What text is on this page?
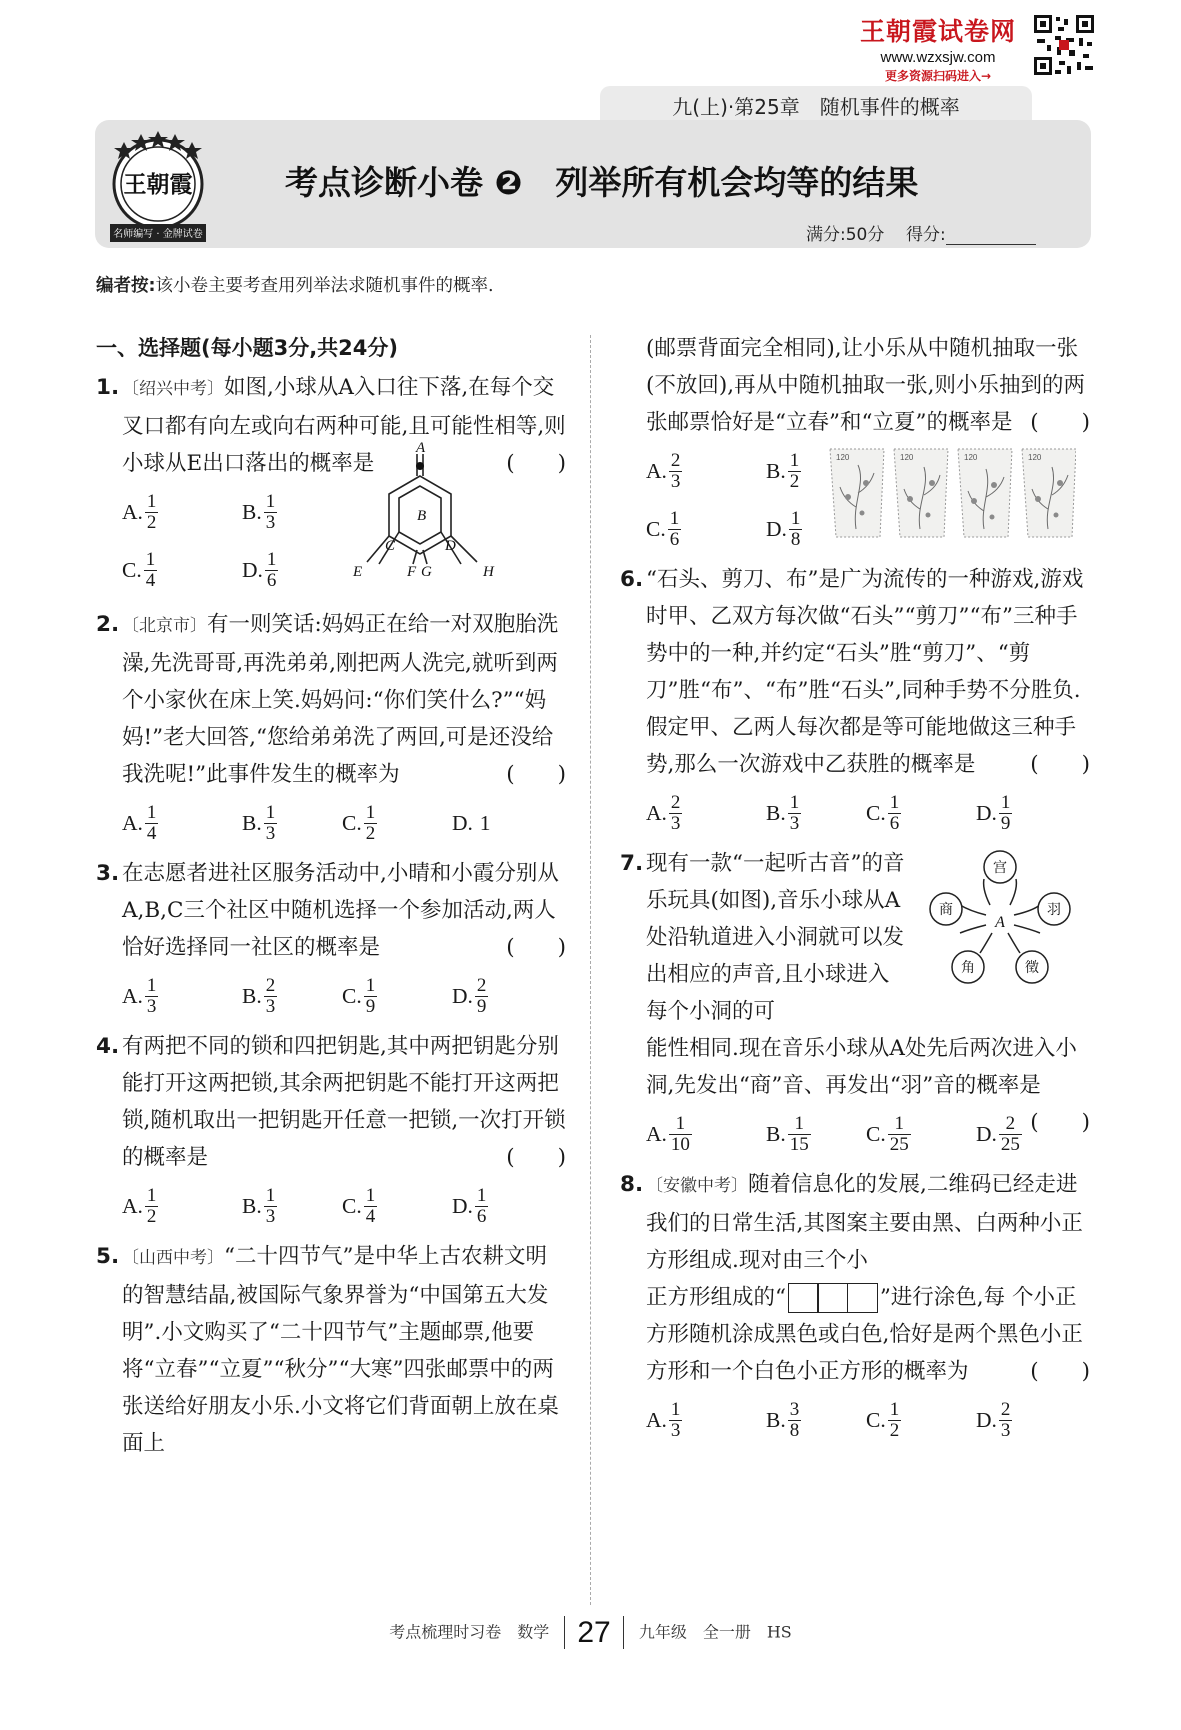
王朝霞试卷网
www.wzxsjw.com
更多资源扫码进入→
九(上)·第25章　随机事件的概率
王朝霞
名师编写 · 金牌试卷
考点诊断小卷 ❷　列举所有机会均等的结果
满分:50分 得分:
编者按:该小卷主要考查用列举法求随机事件的概率.
一、选择题(每小题3分,共24分)
1. 〔绍兴中考〕如图,小球从A入口往下落,在每个交叉口都有向左或向右两种可能,且可能性相等,则小球从E出口落出的概率是	(　　)
A. $\frac{1}{2}$	B. $\frac{1}{3}$
C. $\frac{1}{4}$	D. $\frac{1}{6}$
A
B
C	D
E	F G	H
2. 〔北京市〕有一则笑话:妈妈正在给一对双胞胎洗澡,先洗哥哥,再洗弟弟,刚把两人洗完,就听到两个小家伙在床上笑.妈妈问:“你们笑什么?”“妈妈!”老大回答,“您给弟弟洗了两回,可是还没给我洗呢!”此事件发生的概率为	(　　)
A. $\frac{1}{4}$	B. $\frac{1}{3}$	C. $\frac{1}{2}$	D.
1
3. 在志愿者进社区服务活动中,小晴和小霞分别从A,B,C三个社区中随机选择一个参加活动,两人恰好选择同一社区的概率是	(　　)
A. $\frac{1}{3}$	B. $\frac{2}{3}$	C. $\frac{1}{9}$	D. $\frac{2}{9}$
4. 有两把不同的锁和四把钥匙,其中两把钥匙分别能打开这两把锁,其余两把钥匙不能打开这两把锁,随机取出一把钥匙开任意一把锁,一次打开锁的概率是	(　　)
A. $\frac{1}{2}$	B. $\frac{1}{3}$	C. $\frac{1}{4}$	D. $\frac{1}{6}$
5. 〔山西中考〕“二十四节气”是中华上古农耕文明的智慧结晶,被国际气象界誉为“中国第五大发明”.小文购买了“二十四节气”主题邮票,他要将“立春”“立夏”“秋分”“大寒”四张邮票中的两张送给好朋友小乐.小文将它们背面朝上放在桌面上
(邮票背面完全相同),让小乐从中随机抽取一张(不放回),再从中随机抽取一张,则小乐抽到的两张邮票恰好是“立春”和“立夏”的概率是 (　　)
A. $\frac{2}{3}$	B. $\frac{1}{2}$
C. $\frac{1}{6}$	D. $\frac{1}{8}$
120	120	120	120
6. “石头、剪刀、布”是广为流传的一种游戏,游戏时甲、乙双方每次做“石头”“剪刀”“布”三种手势中的一种,并约定“石头”胜“剪刀”、“剪刀”胜“布”、“布”胜“石头”,同种手势不分胜负.假定甲、乙两人每次都是等可能地做这三种手势,那么一次游戏中乙获胜的概率是	(　　)
A. $\frac{2}{3}$	B. $\frac{1}{3}$	C. $\frac{1}{6}$	D. $\frac{1}{9}$
7. 现有一款“一起听古音”的音乐玩具(如图),音乐小球从A处沿轨道进入小洞就可以发出相应的声音,且小球进入每个小洞的可
宫
羽
徵
角
商
A
能性相同.现在音乐小球从A处先后两次进入小洞,先发出“商”音、再发出“羽”音的概率是
(　　)
A. $\frac{1}{10}$	B. $\frac{1}{15}$	C. $\frac{1}{25}$	D. $\frac{2}{25}$
8. 〔安徽中考〕随着信息化的发展,二维码已经走进我们的日常生活,其图案主要由黑、白两种小正方形组成.现对由三个小
正方形组成的“	”进行涂色,每 个小正方形随机涂成黑色或白色,恰好是两个黑色小正方形和一个白色小正方形的概率为	(　　)
A. $\frac{1}{3}$	B. $\frac{3}{8}$	C. $\frac{1}{2}$	D. $\frac{2}{3}$
考点梳理时习卷　数学 27 九年级　全一册　HS
